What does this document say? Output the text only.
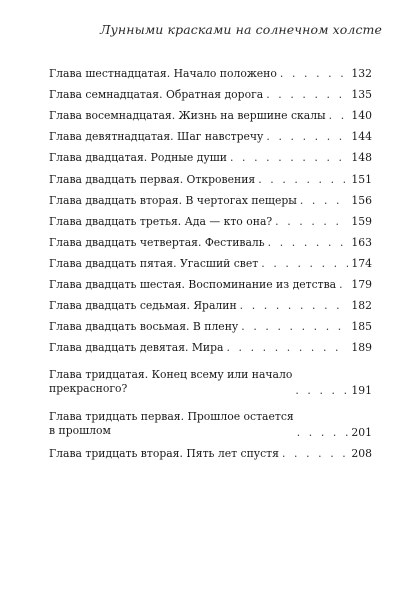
Лунными красками на солнечном холсте
Глава шестнадцатая. Начало положено . . .	132
Глава семнадцатая. Обратная дорога . . .	135
Глава восемнадцатая. Жизнь на вершине скалы . . . 140
Глава девятнадцатая. Шаг навстречу . . .	144
Глава двадцатая. Родные души . . .	148
Глава двадцать первая. Откровения . . .	151
Глава двадцать вторая. В чертогах пещеры . . .	156
Глава двадцать третья. Ада — кто она? . . .	159
Глава двадцать четвертая. Фестиваль . . .	163
Глава двадцать пятая. Угасший свет . . .	174
Глава двадцать шестая. Воспоминание из детства . . . 179
Глава двадцать седьмая. Яралин . . .	182
Глава двадцать восьмая. В плену . . .	185
Глава двадцать девятая. Мира . . .	189
Глава тридцатая. Конец всему или начало
прекрасного? . . .	191
Глава тридцать первая. Прошлое остается
в прошлом . . .	201
Глава тридцать вторая. Пять лет спустя . . .	208
